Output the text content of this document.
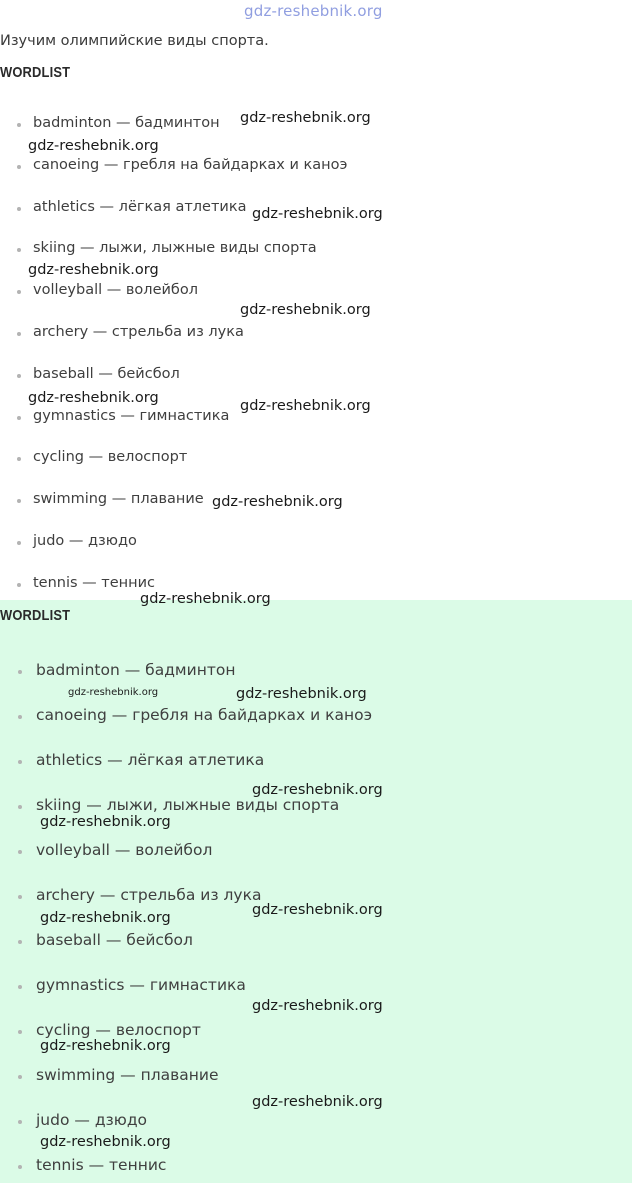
gdz-reshebnik.org
Изучим олимпийские виды спорта.
WORDLIST
badminton — бадминтон
canoeing — гребля на байдарках и каноэ
athletics — лёгкая атлетика
skiing — лыжи, лыжные виды спорта
volleyball — волейбол
archery — стрельба из лука
baseball — бейсбол
gymnastics — гимнастика
cycling — велоспорт
swimming — плавание
judo — дзюдо
tennis — теннис
WORDLIST
badminton — бадминтон
canoeing — гребля на байдарках и каноэ
athletics — лёгкая атлетика
skiing — лыжи, лыжные виды спорта
volleyball — волейбол
archery — стрельба из лука
baseball — бейсбол
gymnastics — гимнастика
cycling — велоспорт
swimming — плавание
judo — дзюдо
tennis — теннис
gdz-reshebnik.org
gdz-reshebnik.org
gdz-reshebnik.org
gdz-reshebnik.org
gdz-reshebnik.org
gdz-reshebnik.org	gdz-reshebnik.org
gdz-reshebnik.org
gdz-reshebnik.org
gdz-reshebnik.org	gdz-reshebnik.org
gdz-reshebnik.org
gdz-reshebnik.org
gdz-reshebnik.org
gdz-reshebnik.org
gdz-reshebnik.org
gdz-reshebnik.org
gdz-reshebnik.org
gdz-reshebnik.org
